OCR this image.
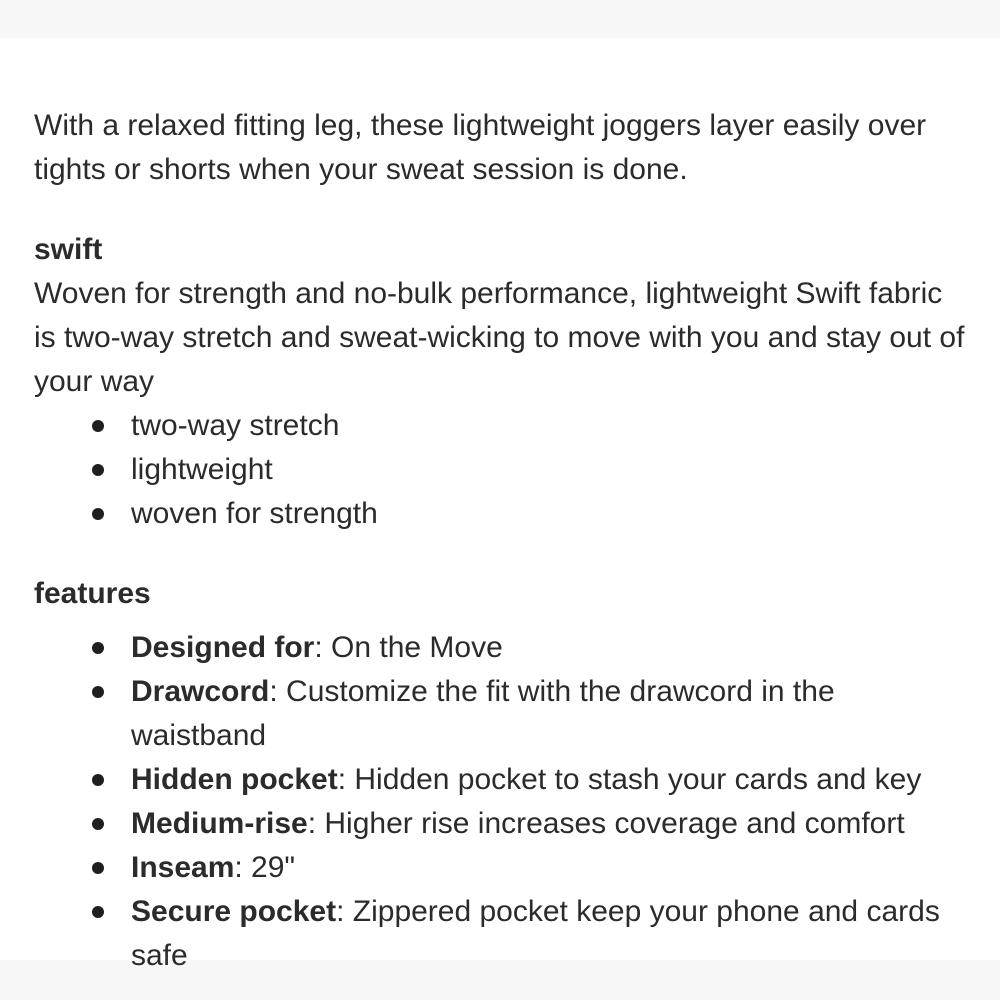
With a relaxed fitting leg, these lightweight joggers layer easily over tights or shorts when your sweat session is done.

swift

Woven for strength and no-bulk performance, lightweight Swift fabric is two-way stretch and sweat-wicking to move with you and stay out of your way

two-way stretch
lightweight
woven for strength
features
Designed for: On the Move
Drawcord: Customize the fit with the drawcord in the waistband
Hidden pocket: Hidden pocket to stash your cards and key
Medium-rise: Higher rise increases coverage and comfort
Inseam: 29"
Secure pocket: Zippered pocket keep your phone and cards safe
